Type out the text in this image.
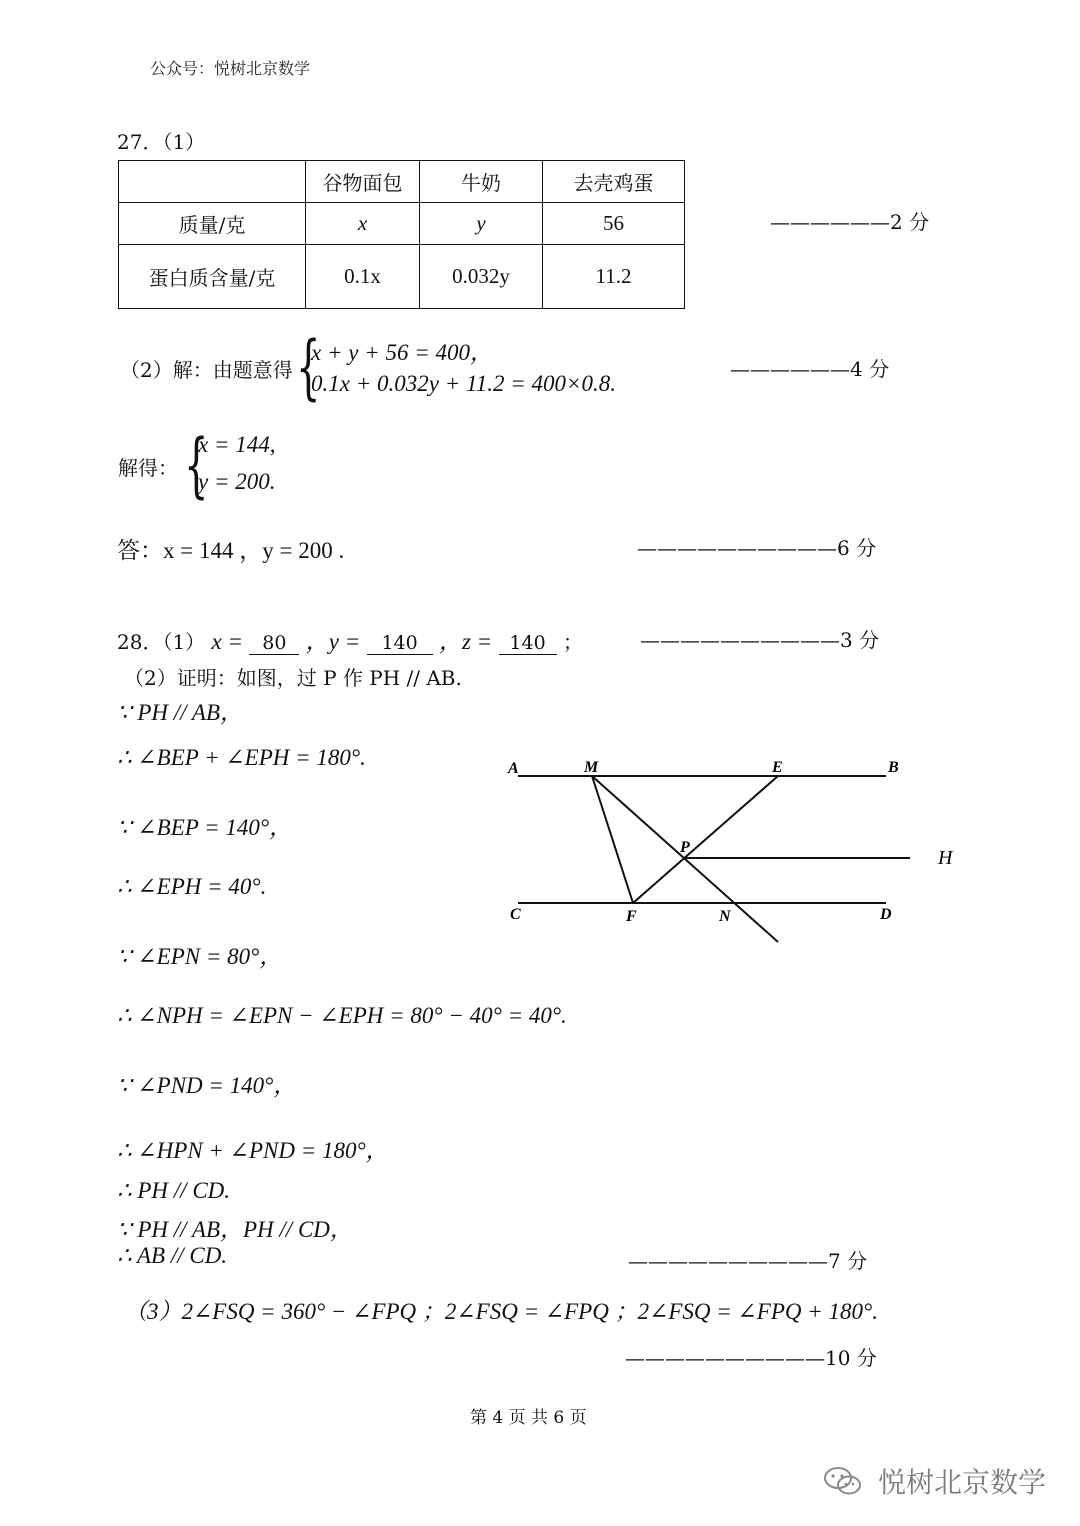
公众号：悦树北京数学
27．（1）
	谷物面包	牛奶	去壳鸡蛋
质量/克	x	y	56
蛋白质含量/克	0.1x	0.032y	11.2
——————2 分
（2）解：由题意得 {
x + y + 56 = 400，
0.1x + 0.032y + 11.2 = 400×0.8.
——————4 分
解得： {
x = 144,
y = 200.
答：x = 144 ，y = 200 .	——————————6 分
28．（1） x = 80 ，y = 140 ，z = 140 ；	——————————3 分
（2）证明：如图，过 P 作 PH // AB.
∵ PH // AB，
∴ ∠BEP + ∠EPH = 180°.
∵ ∠BEP = 140°，
∴ ∠EPH = 40°.
∵ ∠EPN = 80°，
∴ ∠NPH = ∠EPN − ∠EPH = 80° − 40° = 40°.
∵ ∠PND = 140°，
∴ ∠HPN + ∠PND = 180°，
∴ PH // CD.
∵ PH // AB，PH // CD，
∴ AB // CD.	——————————7 分
（3）2∠FSQ = 360° − ∠FPQ ；2∠FSQ = ∠FPQ ；2∠FSQ = ∠FPQ + 180°.
——————————10 分
A	M	E	B
P	H
C	F	N	D
第 4 页 共 6 页
悦树北京数学
